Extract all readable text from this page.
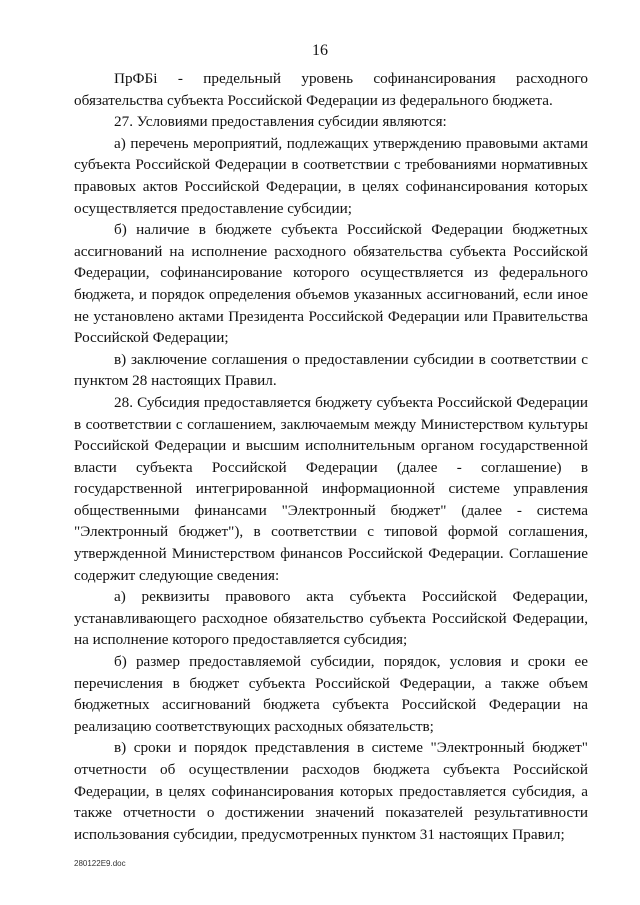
16

ПрФБi - предельный уровень софинансирования расходного обязательства субъекта Российской Федерации из федерального бюджета.

27. Условиями предоставления субсидии являются:

а) перечень мероприятий, подлежащих утверждению правовыми актами субъекта Российской Федерации в соответствии с требованиями нормативных правовых актов Российской Федерации, в целях софинансирования которых осуществляется предоставление субсидии;

б) наличие в бюджете субъекта Российской Федерации бюджетных ассигнований на исполнение расходного обязательства субъекта Российской Федерации, софинансирование которого осуществляется из федерального бюджета, и порядок определения объемов указанных ассигнований, если иное не установлено актами Президента Российской Федерации или Правительства Российской Федерации;

в) заключение соглашения о предоставлении субсидии в соответствии с пунктом 28 настоящих Правил.

28. Субсидия предоставляется бюджету субъекта Российской Федерации в соответствии с соглашением, заключаемым между Министерством культуры Российской Федерации и высшим исполнительным органом государственной власти субъекта Российской Федерации (далее - соглашение) в государственной интегрированной информационной системе управления общественными финансами "Электронный бюджет" (далее - система "Электронный бюджет"), в соответствии с типовой формой соглашения, утвержденной Министерством финансов Российской Федерации. Соглашение содержит следующие сведения:

а) реквизиты правового акта субъекта Российской Федерации, устанавливающего расходное обязательство субъекта Российской Федерации, на исполнение которого предоставляется субсидия;

б) размер предоставляемой субсидии, порядок, условия и сроки ее перечисления в бюджет субъекта Российской Федерации, а также объем бюджетных ассигнований бюджета субъекта Российской Федерации на реализацию соответствующих расходных обязательств;

в) сроки и порядок представления в системе "Электронный бюджет" отчетности об осуществлении расходов бюджета субъекта Российской Федерации, в целях софинансирования которых предоставляется субсидия, а также отчетности о достижении значений показателей результативности использования субсидии, предусмотренных пунктом 31 настоящих Правил;

280122E9.doc
